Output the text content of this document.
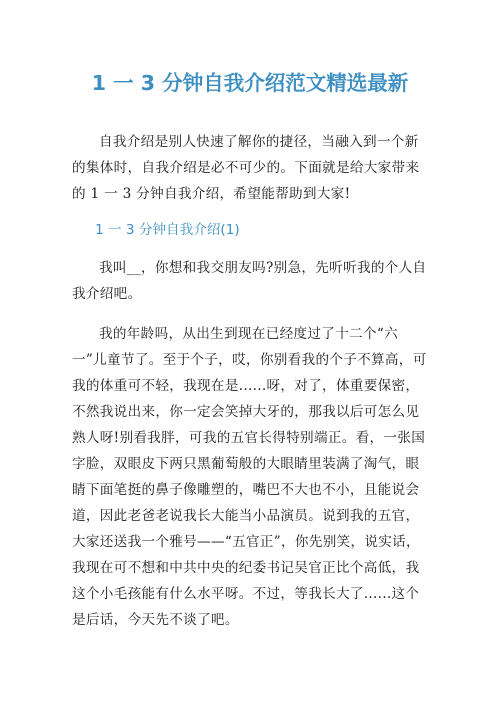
1 一 3 分钟自我介绍范文精选最新
自我介绍是别人快速了解你的捷径，当融入到一个新的集体时，自我介绍是必不可少的。下面就是给大家带来的 1 一 3 分钟自我介绍，希望能帮助到大家!
1 一 3 分钟自我介绍(1)
我叫__，你想和我交朋友吗?别急，先听听我的个人自我介绍吧。
我的年龄吗，从出生到现在已经度过了十二个“六一”儿童节了。至于个子，哎，你别看我的个子不算高，可我的体重可不轻，我现在是......呀，对了，体重要保密，不然我说出来，你一定会笑掉大牙的，那我以后可怎么见熟人呀!别看我胖，可我的五官长得特别端正。看，一张国字脸，双眼皮下两只黑葡萄般的大眼睛里装满了淘气，眼睛下面笔挺的鼻子像雕塑的，嘴巴不大也不小，且能说会道，因此老爸老说我长大能当小品演员。说到我的五官，大家还送我一个雅号——“五官正”，你先别笑，说实话，我现在可不想和中共中央的纪委书记吴官正比个高低，我这个小毛孩能有什么水平呀。不过，等我长大了......这个是后话，今天先不谈了吧。
